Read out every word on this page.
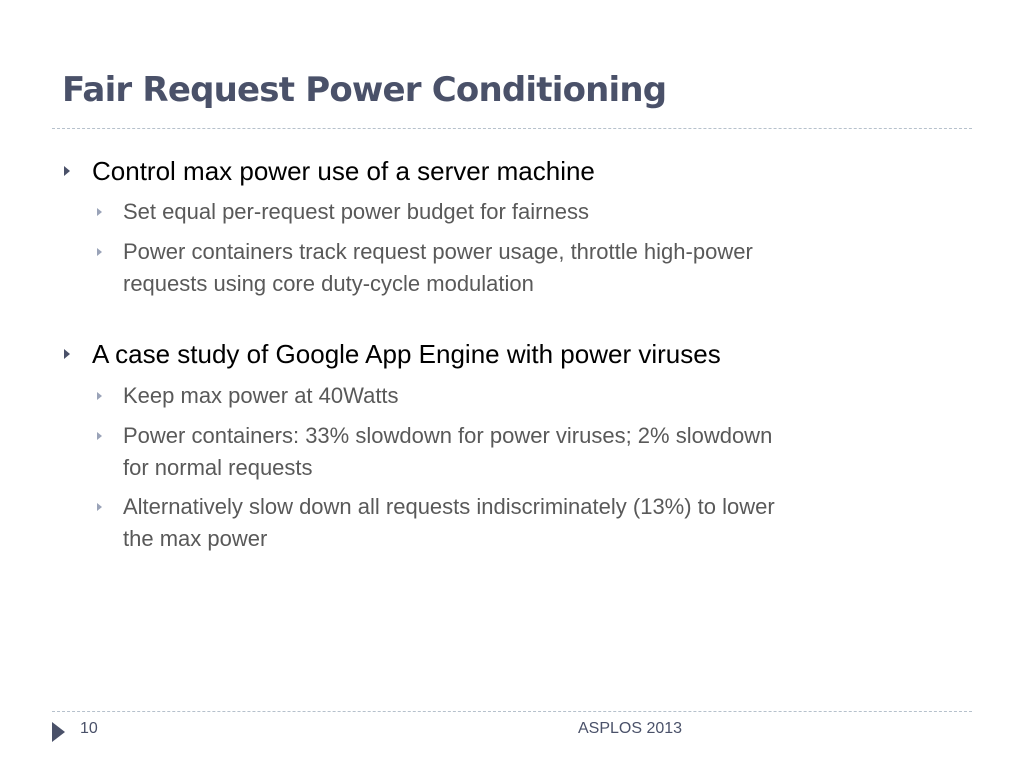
Fair Request Power Conditioning
Control max power use of a server machine
Set equal per-request power budget for fairness
Power containers track request power usage, throttle high-power
requests using core duty-cycle modulation
A case study of Google App Engine with power viruses
Keep max power at 40Watts
Power containers: 33% slowdown for power viruses; 2% slowdown
for normal requests
Alternatively slow down all requests indiscriminately (13%) to lower
the max power
10	ASPLOS 2013
